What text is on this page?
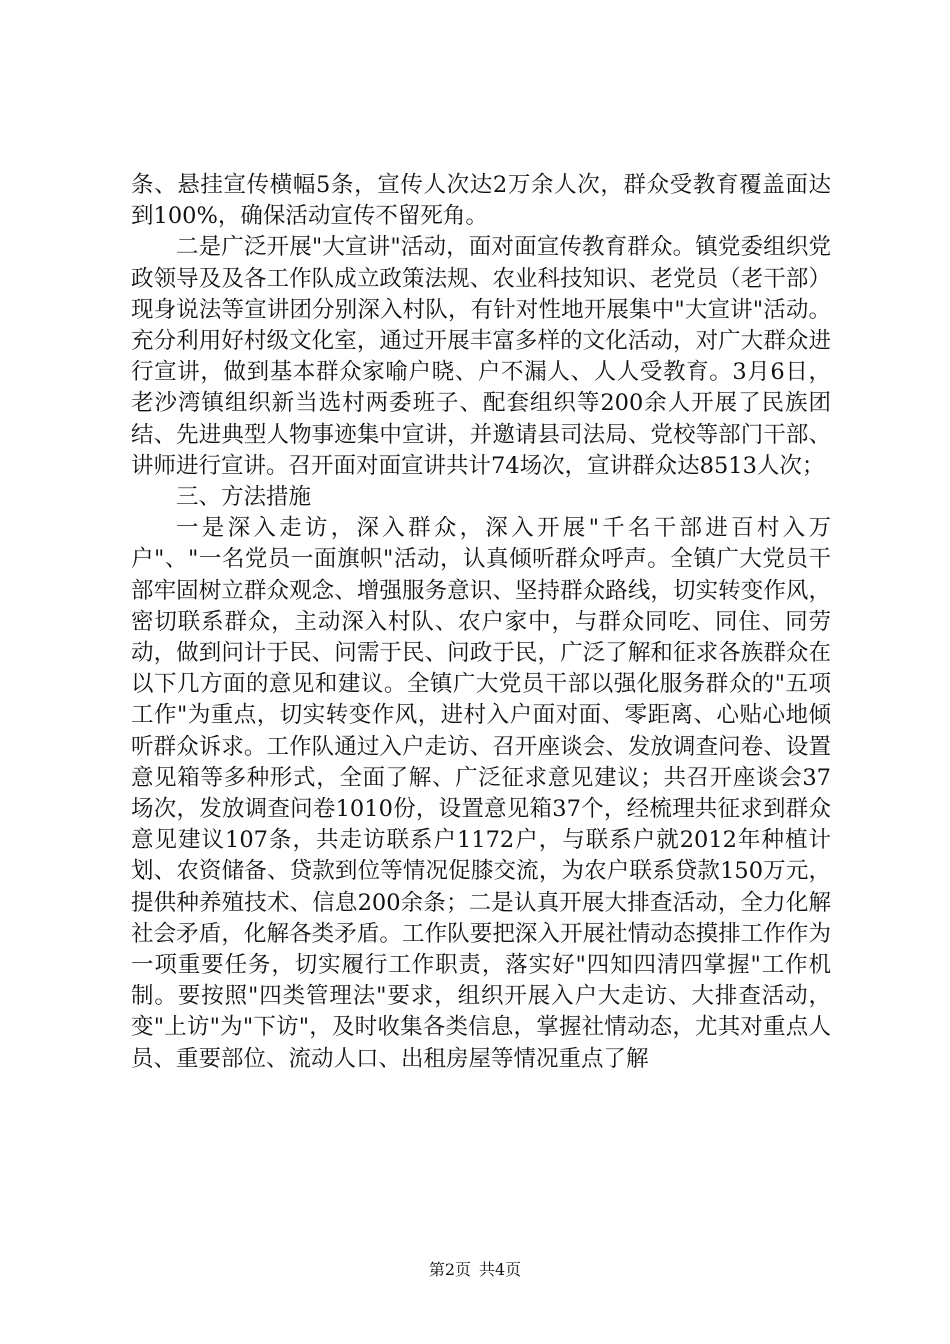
条、悬挂宣传横幅5条，宣传人次达2万余人次，群众受教育覆盖面达到100%，确保活动宣传不留死角。

二是广泛开展"大宣讲"活动，面对面宣传教育群众。镇党委组织党政领导及及各工作队成立政策法规、农业科技知识、老党员（老干部）现身说法等宣讲团分别深入村队，有针对性地开展集中"大宣讲"活动。充分利用好村级文化室，通过开展丰富多样的文化活动，对广大群众进行宣讲，做到基本群众家喻户晓、户不漏人、人人受教育。3月6日，老沙湾镇组织新当选村两委班子、配套组织等200余人开展了民族团结、先进典型人物事迹集中宣讲，并邀请县司法局、党校等部门干部、讲师进行宣讲。召开面对面宣讲共计74场次，宣讲群众达8513人次；

三、方法措施

一是深入走访，深入群众，深入开展"千名干部进百村入万户"、"一名党员一面旗帜"活动，认真倾听群众呼声。全镇广大党员干部牢固树立群众观念、增强服务意识、坚持群众路线，切实转变作风，密切联系群众，主动深入村队、农户家中，与群众同吃、同住、同劳动，做到问计于民、问需于民、问政于民，广泛了解和征求各族群众在以下几方面的意见和建议。全镇广大党员干部以强化服务群众的"五项工作"为重点，切实转变作风，进村入户面对面、零距离、心贴心地倾听群众诉求。工作队通过入户走访、召开座谈会、发放调查问卷、设置意见箱等多种形式，全面了解、广泛征求意见建议；共召开座谈会37场次，发放调查问卷1010份，设置意见箱37个，经梳理共征求到群众意见建议107条，共走访联系户1172户，与联系户就2012年种植计划、农资储备、贷款到位等情况促膝交流，为农户联系贷款150万元，提供种养殖技术、信息200余条；二是认真开展大排查活动，全力化解社会矛盾，化解各类矛盾。工作队要把深入开展社情动态摸排工作作为一项重要任务，切实履行工作职责，落实好"四知四清四掌握"工作机制。要按照"四类管理法"要求，组织开展入户大走访、大排查活动，变"上访"为"下访"，及时收集各类信息，掌握社情动态，尤其对重点人员、重要部位、流动人口、出租房屋等情况重点了解

第2页 共4页
